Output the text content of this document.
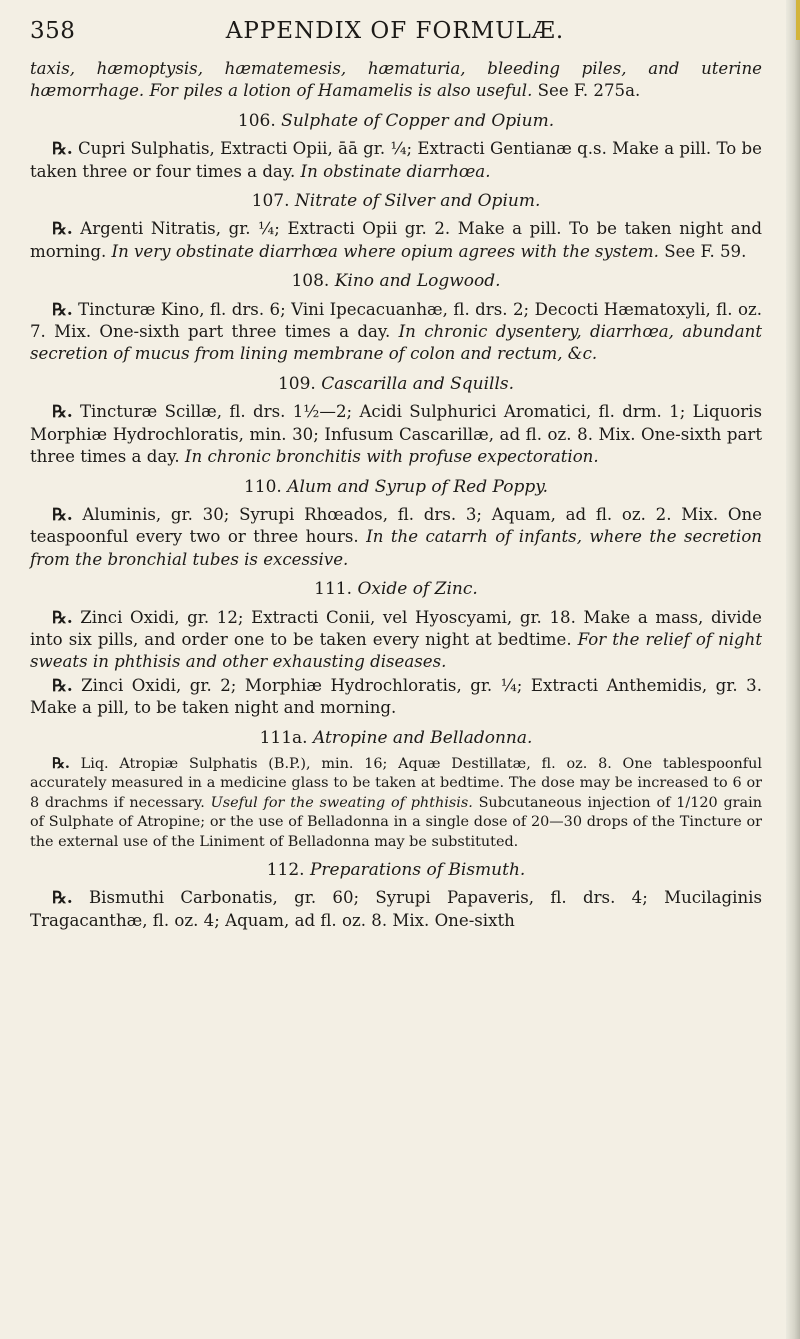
358	APPENDIX OF FORMULÆ.

taxis, hæmoptysis, hæmatemesis, hæmaturia, bleeding piles, and uterine hæmorrhage. For piles a lotion of Hamamelis is also useful. See F. 275a.

106. Sulphate of Copper and Opium.

℞. Cupri Sulphatis, Extracti Opii, āā gr. ¼; Extracti Gentianæ q.s. Make a pill. To be taken three or four times a day. In obstinate diarrhœa.

107. Nitrate of Silver and Opium.

℞. Argenti Nitratis, gr. ¼; Extracti Opii gr. 2. Make a pill. To be taken night and morning. In very obstinate diarrhœa where opium agrees with the system. See F. 59.

108. Kino and Logwood.

℞. Tincturæ Kino, fl. drs. 6; Vini Ipecacuanhæ, fl. drs. 2; Decocti Hæmatoxyli, fl. oz. 7. Mix. One-sixth part three times a day. In chronic dysentery, diarrhœa, abundant secretion of mucus from lining membrane of colon and rectum, &c.

109. Cascarilla and Squills.

℞. Tincturæ Scillæ, fl. drs. 1½—2; Acidi Sulphurici Aromatici, fl. drm. 1; Liquoris Morphiæ Hydrochloratis, min. 30; Infusum Cascarillæ, ad fl. oz. 8. Mix. One-sixth part three times a day. In chronic bronchitis with profuse expectoration.

110. Alum and Syrup of Red Poppy.

℞. Aluminis, gr. 30; Syrupi Rhœados, fl. drs. 3; Aquam, ad fl. oz. 2. Mix. One teaspoonful every two or three hours. In the catarrh of infants, where the secretion from the bronchial tubes is excessive.

111. Oxide of Zinc.

℞. Zinci Oxidi, gr. 12; Extracti Conii, vel Hyoscyami, gr. 18. Make a mass, divide into six pills, and order one to be taken every night at bedtime. For the relief of night sweats in phthisis and other exhausting diseases.

℞. Zinci Oxidi, gr. 2; Morphiæ Hydrochloratis, gr. ¼; Extracti Anthemidis, gr. 3. Make a pill, to be taken night and morning.

111a. Atropine and Belladonna.

℞. Liq. Atropiæ Sulphatis (B.P.), min. 16; Aquæ Destillatæ, fl. oz. 8. One tablespoonful accurately measured in a medicine glass to be taken at bedtime. The dose may be increased to 6 or 8 drachms if necessary. Useful for the sweating of phthisis. Subcutaneous injection of 1/120 grain of Sulphate of Atropine; or the use of Belladonna in a single dose of 20—30 drops of the Tincture or the external use of the Liniment of Belladonna may be substituted.

112. Preparations of Bismuth.

℞. Bismuthi Carbonatis, gr. 60; Syrupi Papaveris, fl. drs. 4; Mucilaginis Tragacanthæ, fl. oz. 4; Aquam, ad fl. oz. 8. Mix. One-sixth
